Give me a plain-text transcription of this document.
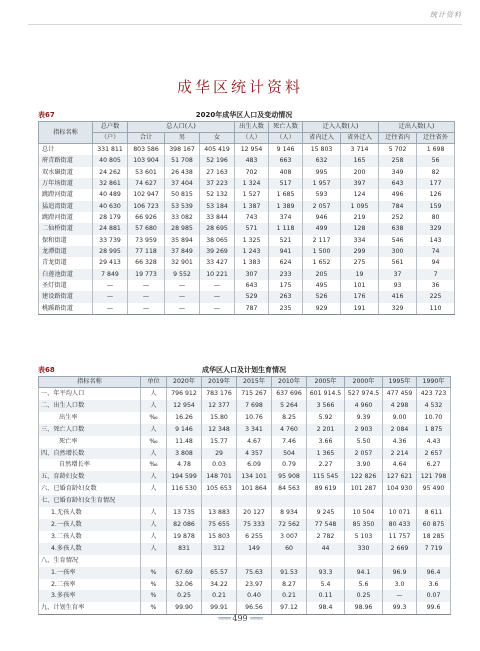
统计资料
成华区统计资料
2020年成华区人口及变动情况
表67
指标名称	总户数	总人口(人)			出生人数	死亡人数	迁入人数(人)		迁出人数(人)	
	（户）	合计	男	女	（人）	（人）	省内迁入	省外迁入	迁往省内	迁往省外
总计	331 811	803 586	398 167	405 419	12 954	9 146	15 803	3 714	5 702	1 698
府青路街道	40 805	103 904	51 708	52 196	483	663	632	165	258	56
双水碾街道	24 262	53 601	26 438	27 163	702	408	995	200	349	82
万年场街道	32 861	74 627	37 404	37 223	1 324	517	1 957	397	643	177
跳蹬河街道	40 489	102 947	50 815	52 132	1 527	1 685	593	124	496	126
猛追湾街道	40 630	106 723	53 539	53 184	1 387	1 389	2 057	1 095	784	159
跳蹬河街道	28 179	66 926	33 082	33 844	743	374	946	219	252	80
二仙桥街道	24 881	57 680	28 985	28 695	571	1 118	499	128	638	329
保和街道	33 739	73 959	35 894	38 065	1 325	521	2 117	334	546	143
龙潭街道	28 995	77 118	37 849	39 269	1 243	941	1 500	299	300	74
青龙街道	29 413	66 328	32 901	33 427	1 383	624	1 652	275	561	94
白莲池街道	7 849	19 773	9 552	10 221	307	233	205	19	37	7
圣灯街道	—	—	—	—	643	175	495	101	93	36
建设路街道	—	—	—	—	529	263	526	176	416	225
桃蹊路街道	—	—	—	—	787	235	929	191	329	110
成华区人口及计划生育情况
表68
指标名称	单位	2020年	2019年	2015年	2010年	2005年	2000年	1995年	1990年
一、年平均人口	人	796 912	783 176	715 267	637 696	601 914.5	527 974.5	477 459	423 723
二、出生人口数	人	12 954	12 377	7 698	5 264	3 566	4 960	4 298	4 532
出生率	‰	16.26	15.80	10.76	8.25	5.92	9.39	9.00	10.70
三、死亡人口数	人	9 146	12 348	3 341	4 760	2 201	2 903	2 084	1 875
死亡率	‰	11.48	15.77	4.67	7.46	3.66	5.50	4.36	4.43
四、自然增长数	人	3 808	29	4 357	504	1 365	2 057	2 214	2 657
自然增长率	‰	4.78	0.03	6.09	0.79	2.27	3.90	4.64	6.27
五、育龄妇女数	人	194 599	148 701	134 101	95 908	115 545	122 826	127 621	121 798
六、已婚育龄妇女数	人	116 530	105 653	101 864	84 563	89 619	101 287	104 930	95 490
七、已婚育龄妇女生育情况									
1.无孩人数	人	13 735	13 883	20 127	8 934	9 245	10 504	10 071	8 611
2.一孩人数	人	82 086	75 655	75 333	72 562	77 548	85 350	80 433	60 875
3.二孩人数	人	19 878	15 803	6 255	3 007	2 782	5 103	11 757	18 285
4.多孩人数	人	831	312	149	60	44	330	2 669	7 719
八、生育情况									
1.一孩率	%	67.69	65.57	75.63	91.53	93.3	94.1	96.9	96.4
2.二孩率	%	32.06	34.22	23.97	8.27	5.4	5.6	3.0	3.6
3.多孩率	%	0.25	0.21	0.40	0.21	0.11	0.25	—	0.07
九、计划生育率	%	99.90	99.91	96.56	97.12	98.4	98.96	99.3	99.6
═══ 499 ═══
